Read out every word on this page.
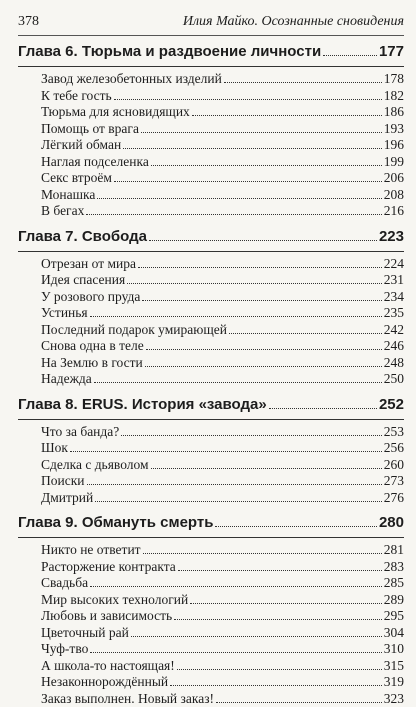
378	Илия Майко. Осознанные сновидения
Глава 6. Тюрьма и раздвоение личности	177
Завод железобетонных изделий	178
К тебе гость	182
Тюрьма для ясновидящих	186
Помощь от врага	193
Лёгкий обман	196
Наглая подселенка	199
Секс втроём	206
Монашка	208
В бегах	216
Глава 7. Свобода	223
Отрезан от мира	224
Идея спасения	231
У розового пруда	234
Устинья	235
Последний подарок умирающей	242
Снова одна в теле	246
На Землю в гости	248
Надежда	250
Глава 8. ERUS. История «завода»	252
Что за банда?	253
Шок	256
Сделка с дьяволом	260
Поиски	273
Дмитрий	276
Глава 9. Обмануть смерть	280
Никто не ответит	281
Расторжение контракта	283
Свадьба	285
Мир высоких технологий	289
Любовь и зависимость	295
Цветочный рай	304
Чуф-тво	310
А школа-то настоящая!	315
Незаконнорождённый	319
Заказ выполнен. Новый заказ!	323
